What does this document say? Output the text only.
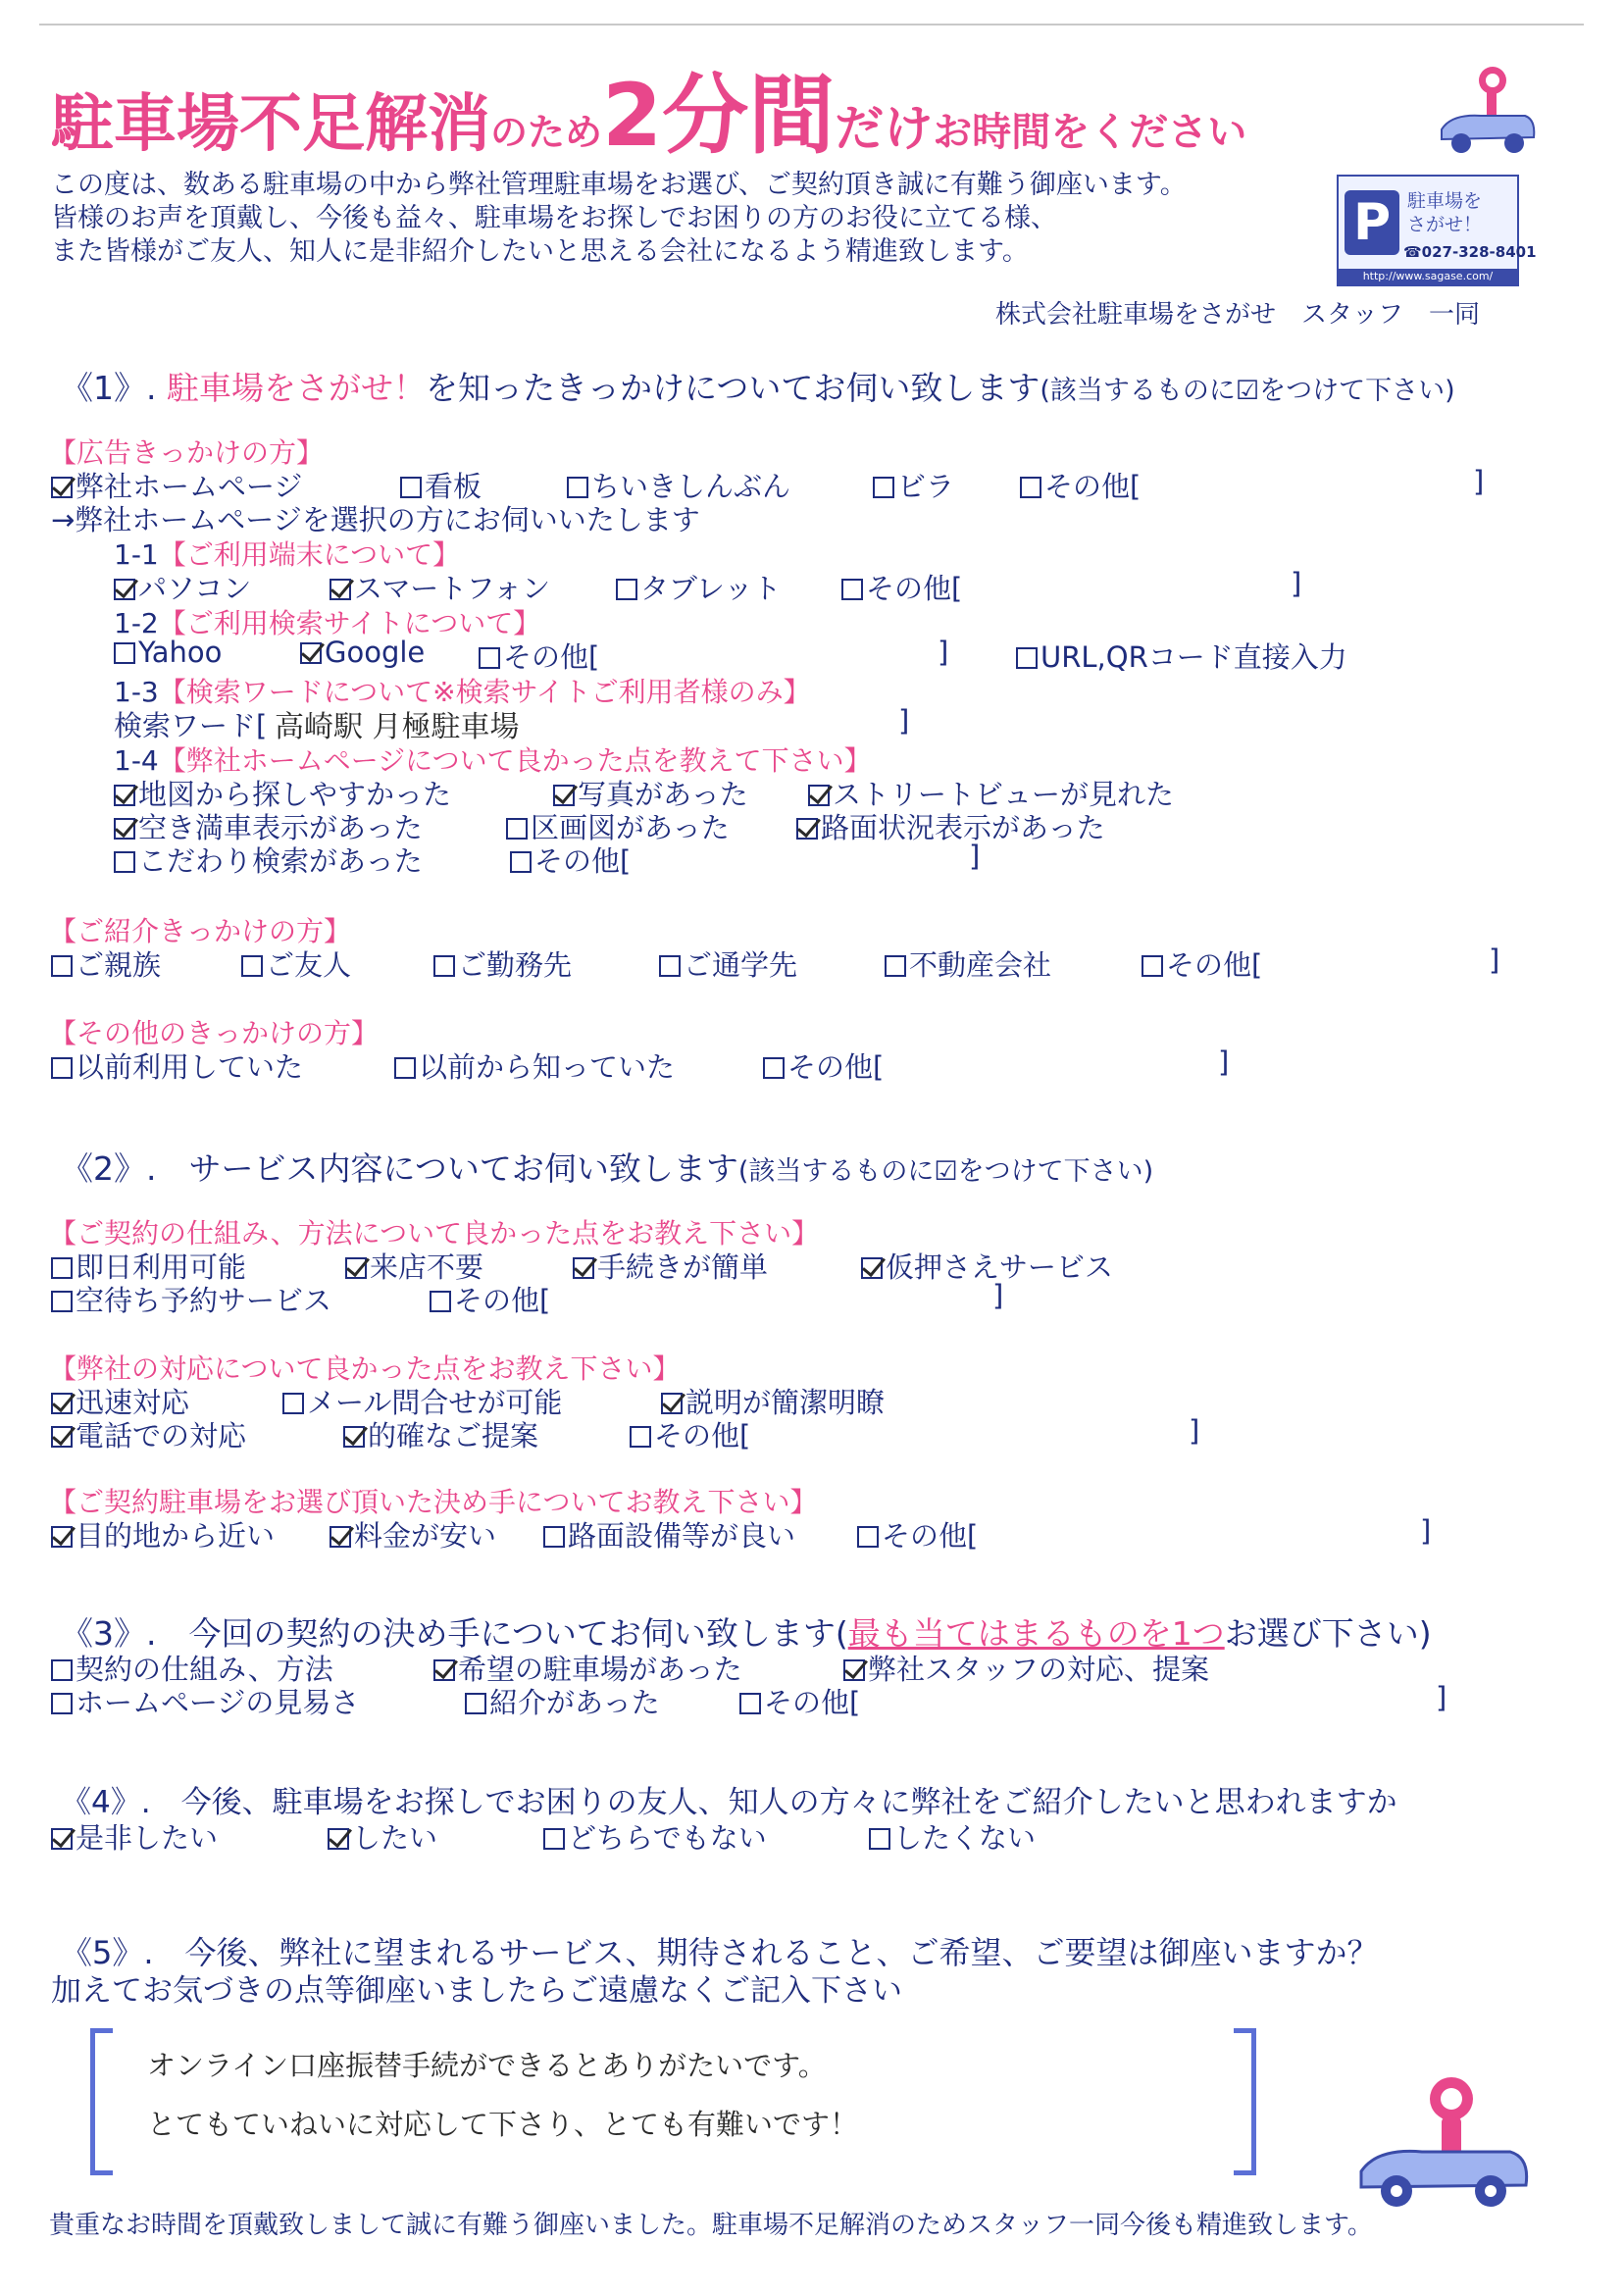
駐車場不足解消のため2分間だけお時間をください
この度は、数ある駐車場の中から弊社管理駐車場をお選び、ご契約頂き誠に有難う御座います。
皆様のお声を頂戴し、今後も益々、駐車場をお探しでお困りの方のお役に立てる様、
また皆様がご友人、知人に是非紹介したいと思える会社になるよう精進致します。	P 駐車場を
さがせ！
☎027-328-8401
http://www.sagase.com/
株式会社駐車場をさがせ　スタッフ　一同
《1》. 駐車場をさがせ！を知ったきっかけについてお伺い致します(該当するものに☑をつけて下さい)
【広告きっかけの方】
弊社ホームページ	看板	ちいきしんぶん	ビラ	その他[	]
→弊社ホームページを選択の方にお伺いいたします
1-1【ご利用端末について】
パソコン	スマートフォン	タブレット	その他[	]
1-2【ご利用検索サイトについて】
Yahoo	Google	その他[	]	URL,QRコード直接入力
1-3【検索ワードについて※検索サイトご利用者様のみ】
検索ワード[ 高崎駅 月極駐車場	]
1-4【弊社ホームページについて良かった点を教えて下さい】
地図から探しやすかった	写真があった	ストリートビューが見れた
空き満車表示があった	区画図があった	路面状況表示があった
こだわり検索があった	その他[	]
【ご紹介きっかけの方】
ご親族	ご友人	ご勤務先	ご通学先	不動産会社	その他[	]
【その他のきっかけの方】
以前利用していた	以前から知っていた	その他[	]
《2》.　サービス内容についてお伺い致します(該当するものに☑をつけて下さい)
【ご契約の仕組み、方法について良かった点をお教え下さい】
即日利用可能	来店不要	手続きが簡単	仮押さえサービス
空待ち予約サービス	その他[	]
【弊社の対応について良かった点をお教え下さい】
迅速対応	メール問合せが可能	説明が簡潔明瞭
電話での対応	的確なご提案	その他[	]
【ご契約駐車場をお選び頂いた決め手についてお教え下さい】
目的地から近い	料金が安い	路面設備等が良い	その他[	]
《3》.　今回の契約の決め手についてお伺い致します(最も当てはまるものを1つお選び下さい)
契約の仕組み、方法	希望の駐車場があった	弊社スタッフの対応、提案
ホームページの見易さ	紹介があった	その他[	]
《4》.　今後、駐車場をお探しでお困りの友人、知人の方々に弊社をご紹介したいと思われますか
是非したい	したい	どちらでもない	したくない
《5》.　今後、弊社に望まれるサービス、期待されること、ご希望、ご要望は御座いますか？
加えてお気づきの点等御座いましたらご遠慮なくご記入下さい
オンライン口座振替手続ができるとありがたいです。
とてもていねいに対応して下さり、とても有難いです！
貴重なお時間を頂戴致しまして誠に有難う御座いました。駐車場不足解消のためスタッフ一同今後も精進致します。
